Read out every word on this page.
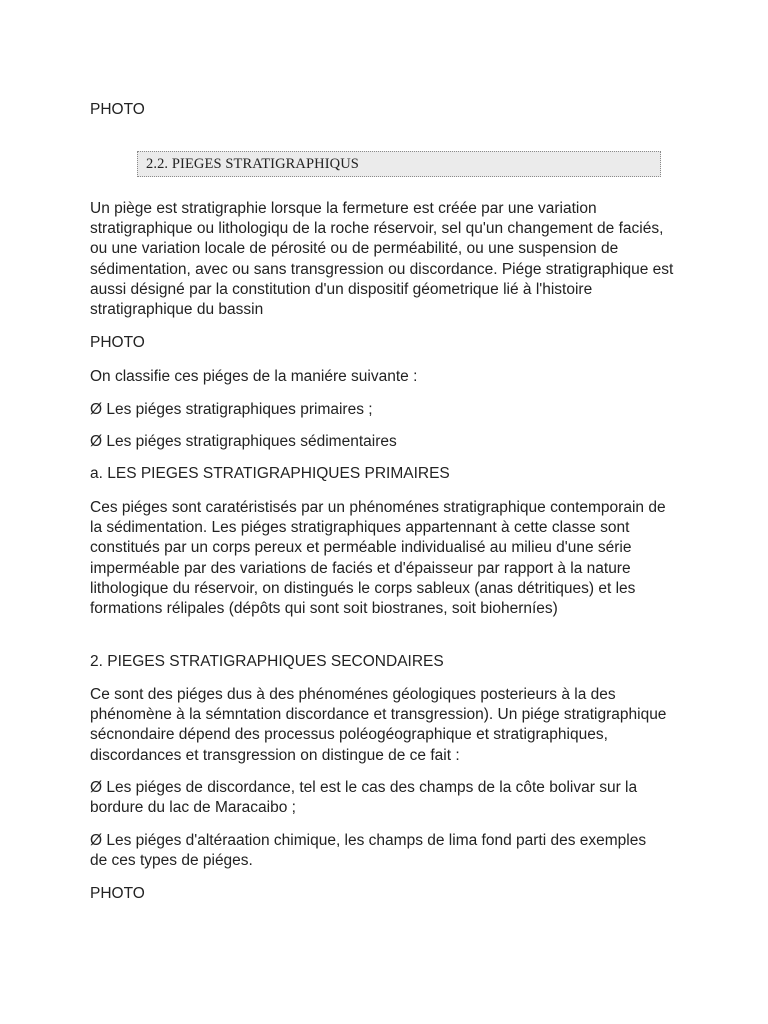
PHOTO

2.2. PIEGES STRATIGRAPHIQUS

Un piège est stratigraphie lorsque la fermeture est créée par une variation stratigraphique ou lithologiqu de la roche réservoir, sel qu'un changement de faciés, ou une variation locale de pérosité ou de perméabilité, ou une suspension de sédimentation, avec ou sans transgression ou discordance. Piége stratigraphique est aussi désigné par la constitution d'un dispositif géometrique lié à l'histoire stratigraphique du bassin

PHOTO

On classifie ces piéges de la maniére suivante :

Ø Les piéges stratigraphiques primaires ;

Ø Les piéges stratigraphiques sédimentaires

a. LES PIEGES STRATIGRAPHIQUES PRIMAIRES

Ces piéges sont caratéristisés par un phénoménes stratigraphique contemporain de la sédimentation. Les piéges stratigraphiques appartennant à cette classe sont constitués par un corps pereux et perméable individualisé au milieu d'une série imperméable par des variations de faciés et d'épaisseur par rapport à la nature lithologique du réservoir, on distingués le corps sableux (anas détritiques) et les formations rélipales (dépôts qui sont soit biostranes, soit bioherníes)

2. PIEGES STRATIGRAPHIQUES SECONDAIRES

Ce sont des piéges dus à des phénoménes géologiques posterieurs à la des phénomène à la sémntation discordance et transgression). Un piége stratigraphique sécnondaire dépend des processus poléogéographique et stratigraphiques, discordances et transgression on distingue de ce fait :

Ø Les piéges de discordance, tel est le cas des champs de la côte bolivar sur la bordure du lac de Maracaibo ;

Ø Les piéges d'altéraation chimique, les champs de lima fond parti des exemples de ces types de piéges.

PHOTO
